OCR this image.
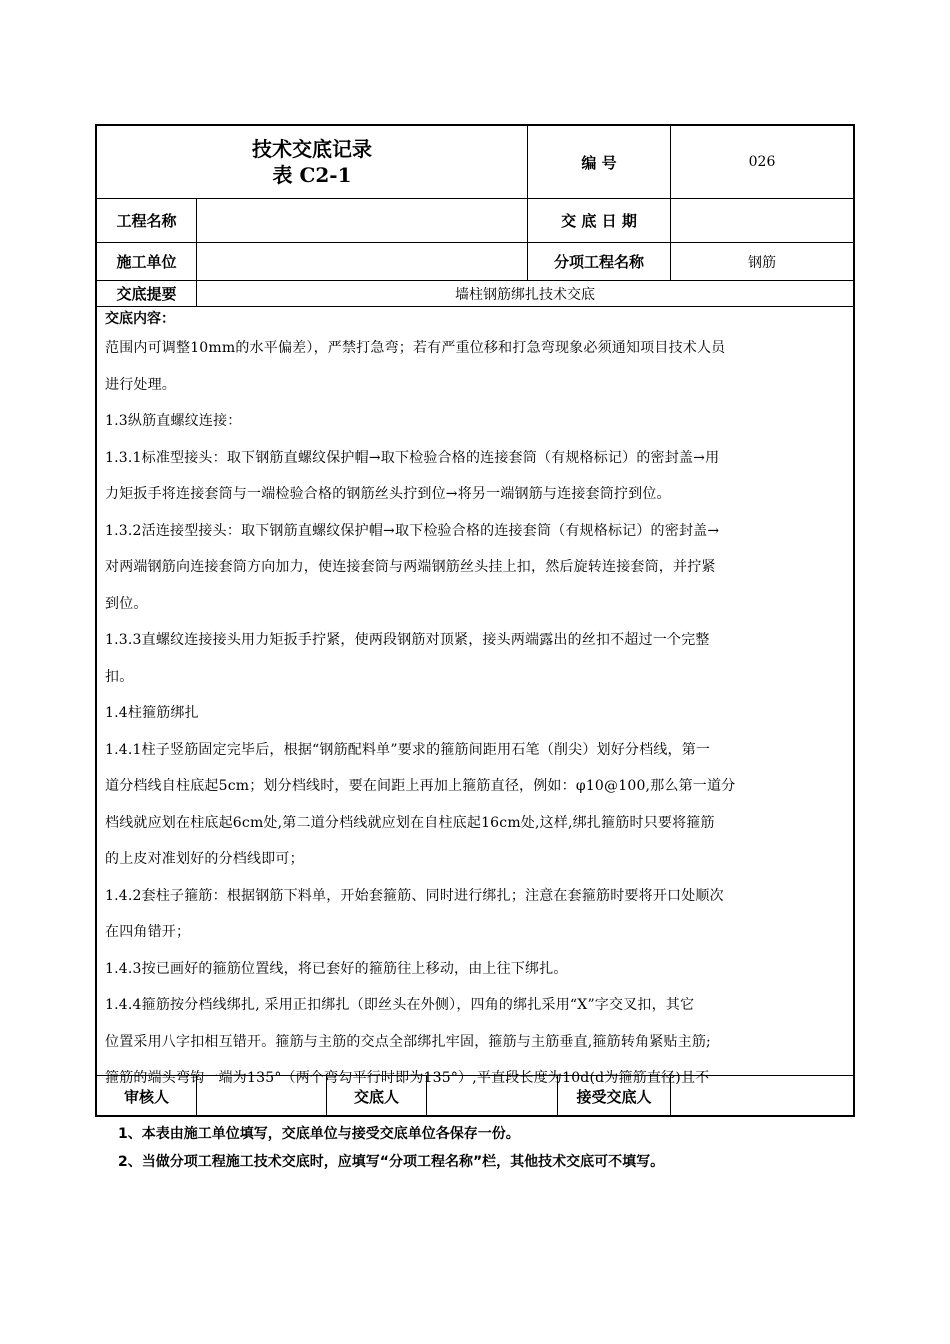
技术交底记录
表 C2-1
编 号	026
工程名称	交 底 日 期
施工单位	分项工程名称	钢筋
交底提要	墙柱钢筋绑扎技术交底
交底内容：

范围内可调整10mm的水平偏差），严禁打急弯；若有严重位移和打急弯现象必须通知项目技术人员

进行处理。

1.3纵筋直螺纹连接：

1.3.1标准型接头：取下钢筋直螺纹保护帽→取下检验合格的连接套筒（有规格标记）的密封盖→用

力矩扳手将连接套筒与一端检验合格的钢筋丝头拧到位→将另一端钢筋与连接套筒拧到位。

1.3.2活连接型接头：取下钢筋直螺纹保护帽→取下检验合格的连接套筒（有规格标记）的密封盖→

对两端钢筋向连接套筒方向加力，使连接套筒与两端钢筋丝头挂上扣，然后旋转连接套筒，并拧紧

到位。

1.3.3直螺纹连接接头用力矩扳手拧紧，使两段钢筋对顶紧，接头两端露出的丝扣不超过一个完整

扣。

1.4柱箍筋绑扎

1.4.1柱子竖筋固定完毕后，根据“钢筋配料单”要求的箍筋间距用石笔（削尖）划好分档线，第一

道分档线自柱底起5cm；划分档线时，要在间距上再加上箍筋直径，例如：φ10@100,那么第一道分

档线就应划在柱底起6cm处,第二道分档线就应划在自柱底起16cm处,这样,绑扎箍筋时只要将箍筋

的上皮对准划好的分档线即可；

1.4.2套柱子箍筋：根据钢筋下料单，开始套箍筋、同时进行绑扎；注意在套箍筋时要将开口处顺次

在四角错开；

1.4.3按已画好的箍筋位置线，将已套好的箍筋往上移动，由上往下绑扎。

1.4.4箍筋按分档线绑扎, 采用正扣绑扎（即丝头在外侧），四角的绑扎采用“X”字交叉扣，其它

位置采用八字扣相互错开。箍筋与主筋的交点全部绑扎牢固，箍筋与主筋垂直,箍筋转角紧贴主筋;

箍筋的端头弯钩一端为135°（两个弯勾平行时即为135°）,平直段长度为10d(d为箍筋直径)且不

审核人	交底人	接受交底人

1、本表由施工单位填写，交底单位与接受交底单位各保存一份。

2、当做分项工程施工技术交底时，应填写“分项工程名称”栏，其他技术交底可不填写。
